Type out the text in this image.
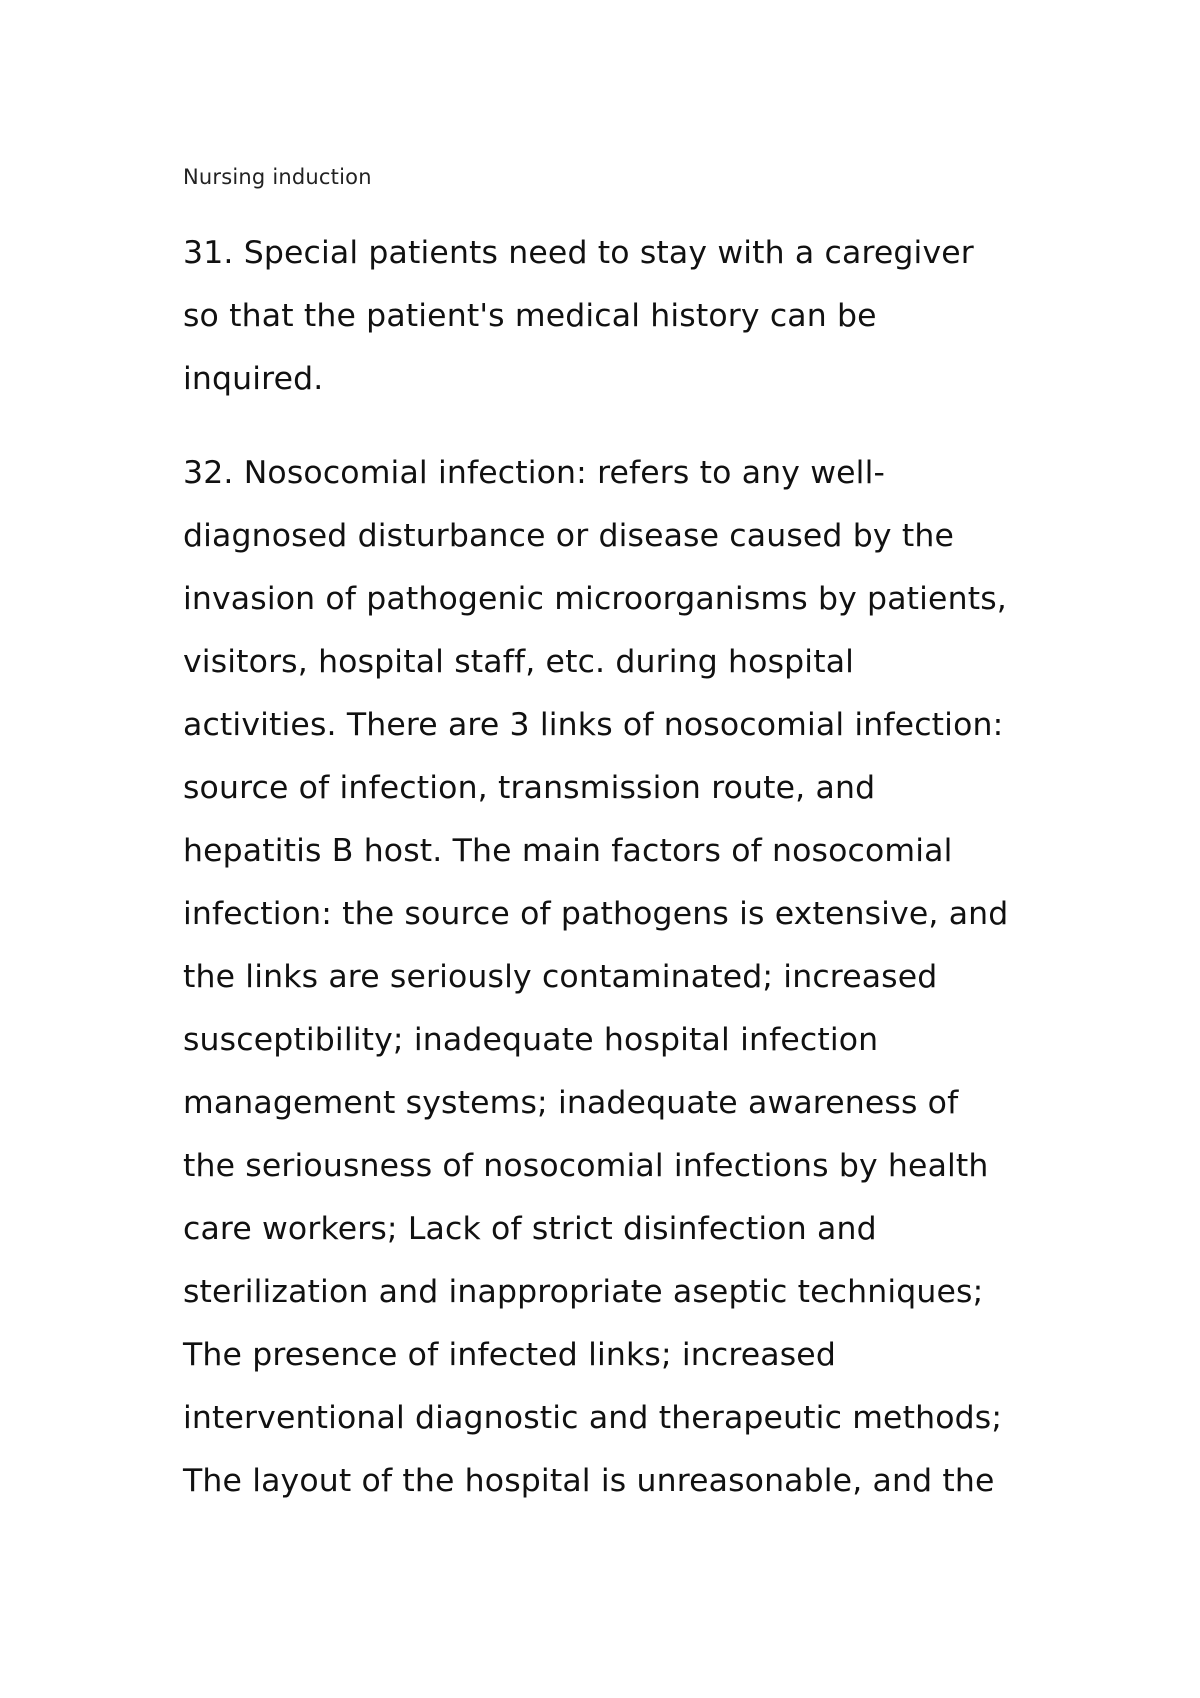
Nursing induction

31. Special patients need to stay with a caregiver
so that the patient's medical history can be
inquired.

32. Nosocomial infection: refers to any well-
diagnosed disturbance or disease caused by the
invasion of pathogenic microorganisms by patients,
visitors, hospital staff, etc. during hospital
activities. There are 3 links of nosocomial infection:
source of infection, transmission route, and
hepatitis B host. The main factors of nosocomial
infection: the source of pathogens is extensive, and
the links are seriously contaminated; increased
susceptibility; inadequate hospital infection
management systems; inadequate awareness of
the seriousness of nosocomial infections by health
care workers; Lack of strict disinfection and
sterilization and inappropriate aseptic techniques;
The presence of infected links; increased
interventional diagnostic and therapeutic methods;
The layout of the hospital is unreasonable, and the
